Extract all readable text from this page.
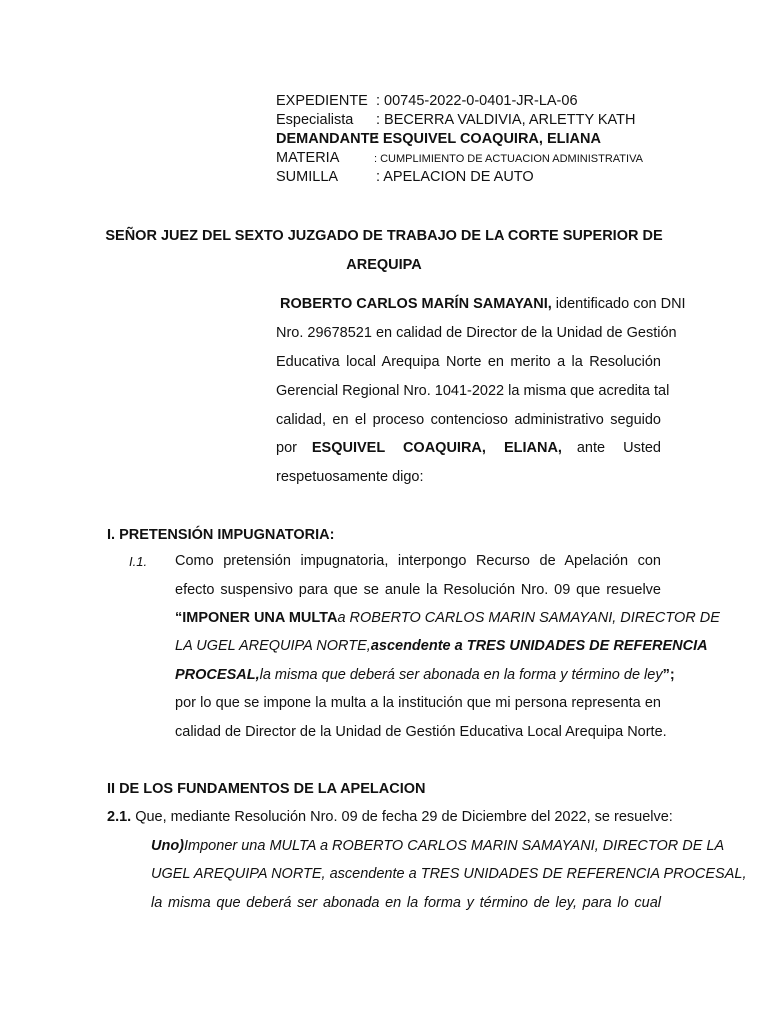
EXPEDIENTE : 00745-2022-0-0401-JR-LA-06
Especialista : BECERRA VALDIVIA, ARLETTY KATH
DEMANDANTE: ESQUIVEL COAQUIRA, ELIANA
MATERIA	: CUMPLIMIENTO DE ACTUACION ADMINISTRATIVA
SUMILLA	: APELACION DE AUTO
SEÑOR JUEZ DEL SEXTO JUZGADO DE TRABAJO DE LA CORTE SUPERIOR DE
AREQUIPA
ROBERTO CARLOS MARÍN SAMAYANI, identificado con DNI
Nro. 29678521 en calidad de Director de la Unidad de Gestión
Educativa local Arequipa Norte en merito a la Resolución
Gerencial Regional Nro. 1041-2022 la misma que acredita tal
calidad, en el proceso contencioso administrativo seguido
por ESQUIVEL COAQUIRA, ELIANA, ante Usted
respetuosamente digo:
I. PRETENSIÓN IMPUGNATORIA:
I.1. Como pretensión impugnatoria, interpongo Recurso de Apelación con
efecto suspensivo para que se anule la Resolución Nro. 09 que resuelve
“IMPONER UNA MULTA a ROBERTO CARLOS MARIN SAMAYANI, DIRECTOR DE
LA UGEL AREQUIPA NORTE, ascendente a TRES UNIDADES DE REFERENCIA
PROCESAL, la misma que deberá ser abonada en la forma y término de ley ”;
por lo que se impone la multa a la institución que mi persona representa en
calidad de Director de la Unidad de Gestión Educativa Local Arequipa Norte.
II DE LOS FUNDAMENTOS DE LA APELACION
2.1. Que, mediante Resolución Nro. 09 de fecha 29 de Diciembre del 2022, se resuelve:
Uno) Imponer una MULTA a ROBERTO CARLOS MARIN SAMAYANI, DIRECTOR DE LA
UGEL AREQUIPA NORTE, ascendente a TRES UNIDADES DE REFERENCIA PROCESAL,
la misma que deberá ser abonada en la forma y término de ley, para lo cual
